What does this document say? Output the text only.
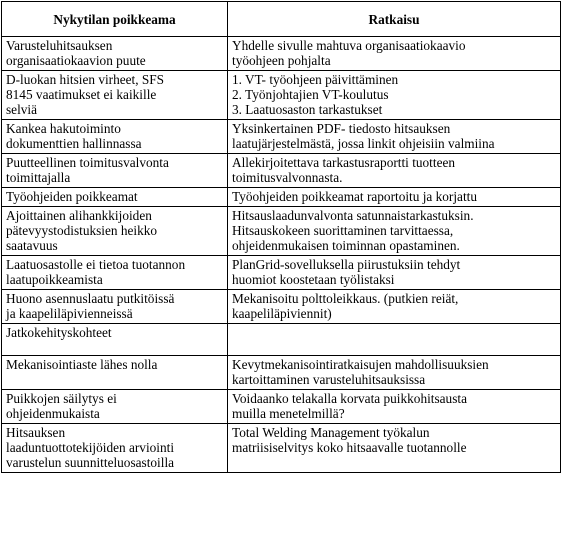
Nykytilan poikkeama	Ratkaisu

Varusteluhitsauksen
organisaatiokaavion puute	Yhdelle sivulle mahtuva organisaatiokaavio
työohjeen pohjalta

D-luokan hitsien virheet, SFS
8145 vaatimukset ei kaikille
selviä	1. VT- työohjeen päivittäminen
2. Työnjohtajien VT-koulutus
3. Laatuosaston tarkastukset

Kankea hakutoiminto
dokumenttien hallinnassa	Yksinkertainen PDF- tiedosto hitsauksen
laatujärjestelmästä, jossa linkit ohjeisiin valmiina

Puutteellinen toimitusvalvonta
toimittajalla	Allekirjoitettava tarkastusraportti tuotteen
toimitusvalvonnasta.

Työohjeiden poikkeamat	Työohjeiden poikkeamat raportoitu ja korjattu

Ajoittainen alihankkijoiden
pätevyystodistuksien heikko
saatavuus	Hitsauslaadunvalvonta satunnaistarkastuksin.
Hitsauskokeen suorittaminen tarvittaessa,
ohjeidenmukaisen toiminnan opastaminen.

Laatuosastolle ei tietoa tuotannon
laatupoikkeamista	PlanGrid-sovelluksella piirustuksiin tehdyt
huomiot koostetaan työlistaksi

Huono asennuslaatu putkitöissä
ja kaapeliläpivienneissä	Mekanisoitu polttoleikkaus. (putkien reiät,
kaapeliläpiviennit)

Jatkokehityskohteet	

Mekanisointiaste lähes nolla	Kevytmekanisointiratkaisujen mahdollisuuksien
kartoittaminen varusteluhitsauksissa

Puikkojen säilytys ei
ohjeidenmukaista	Voidaanko telakalla korvata puikkohitsausta
muilla menetelmillä?

Hitsauksen
laaduntuottotekijöiden arviointi
varustelun suunnitteluosastoilla	Total Welding Management työkalun
matriisiselvitys koko hitsaavalle tuotannolle
